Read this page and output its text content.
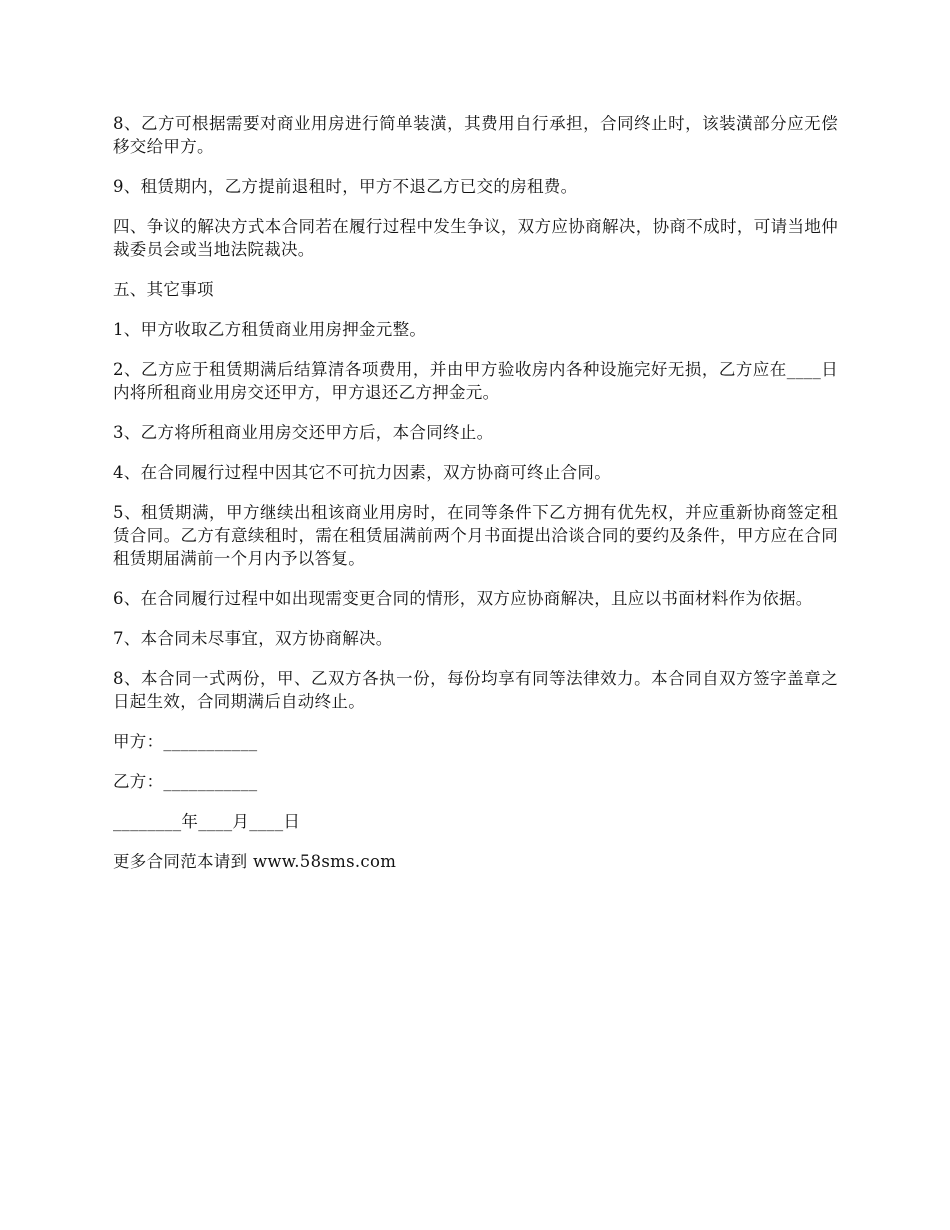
8、乙方可根据需要对商业用房进行简单装潢，其费用自行承担，合同终止时，该装潢部分应无偿移交给甲方。

9、租赁期内，乙方提前退租时，甲方不退乙方已交的房租费。

四、争议的解决方式本合同若在履行过程中发生争议，双方应协商解决，协商不成时，可请当地仲裁委员会或当地法院裁决。

五、其它事项

1、甲方收取乙方租赁商业用房押金元整。

2、乙方应于租赁期满后结算清各项费用，并由甲方验收房内各种设施完好无损，乙方应在____日内将所租商业用房交还甲方，甲方退还乙方押金元。

3、乙方将所租商业用房交还甲方后，本合同终止。

4、在合同履行过程中因其它不可抗力因素，双方协商可终止合同。

5、租赁期满，甲方继续出租该商业用房时，在同等条件下乙方拥有优先权，并应重新协商签定租赁合同。乙方有意续租时，需在租赁届满前两个月书面提出洽谈合同的要约及条件，甲方应在合同租赁期届满前一个月内予以答复。

6、在合同履行过程中如出现需变更合同的情形，双方应协商解决，且应以书面材料作为依据。

7、本合同未尽事宜，双方协商解决。

8、本合同一式两份，甲、乙双方各执一份，每份均享有同等法律效力。本合同自双方签字盖章之日起生效，合同期满后自动终止。

甲方：___________

乙方：___________

________年____月____日

更多合同范本请到 www.58sms.com
